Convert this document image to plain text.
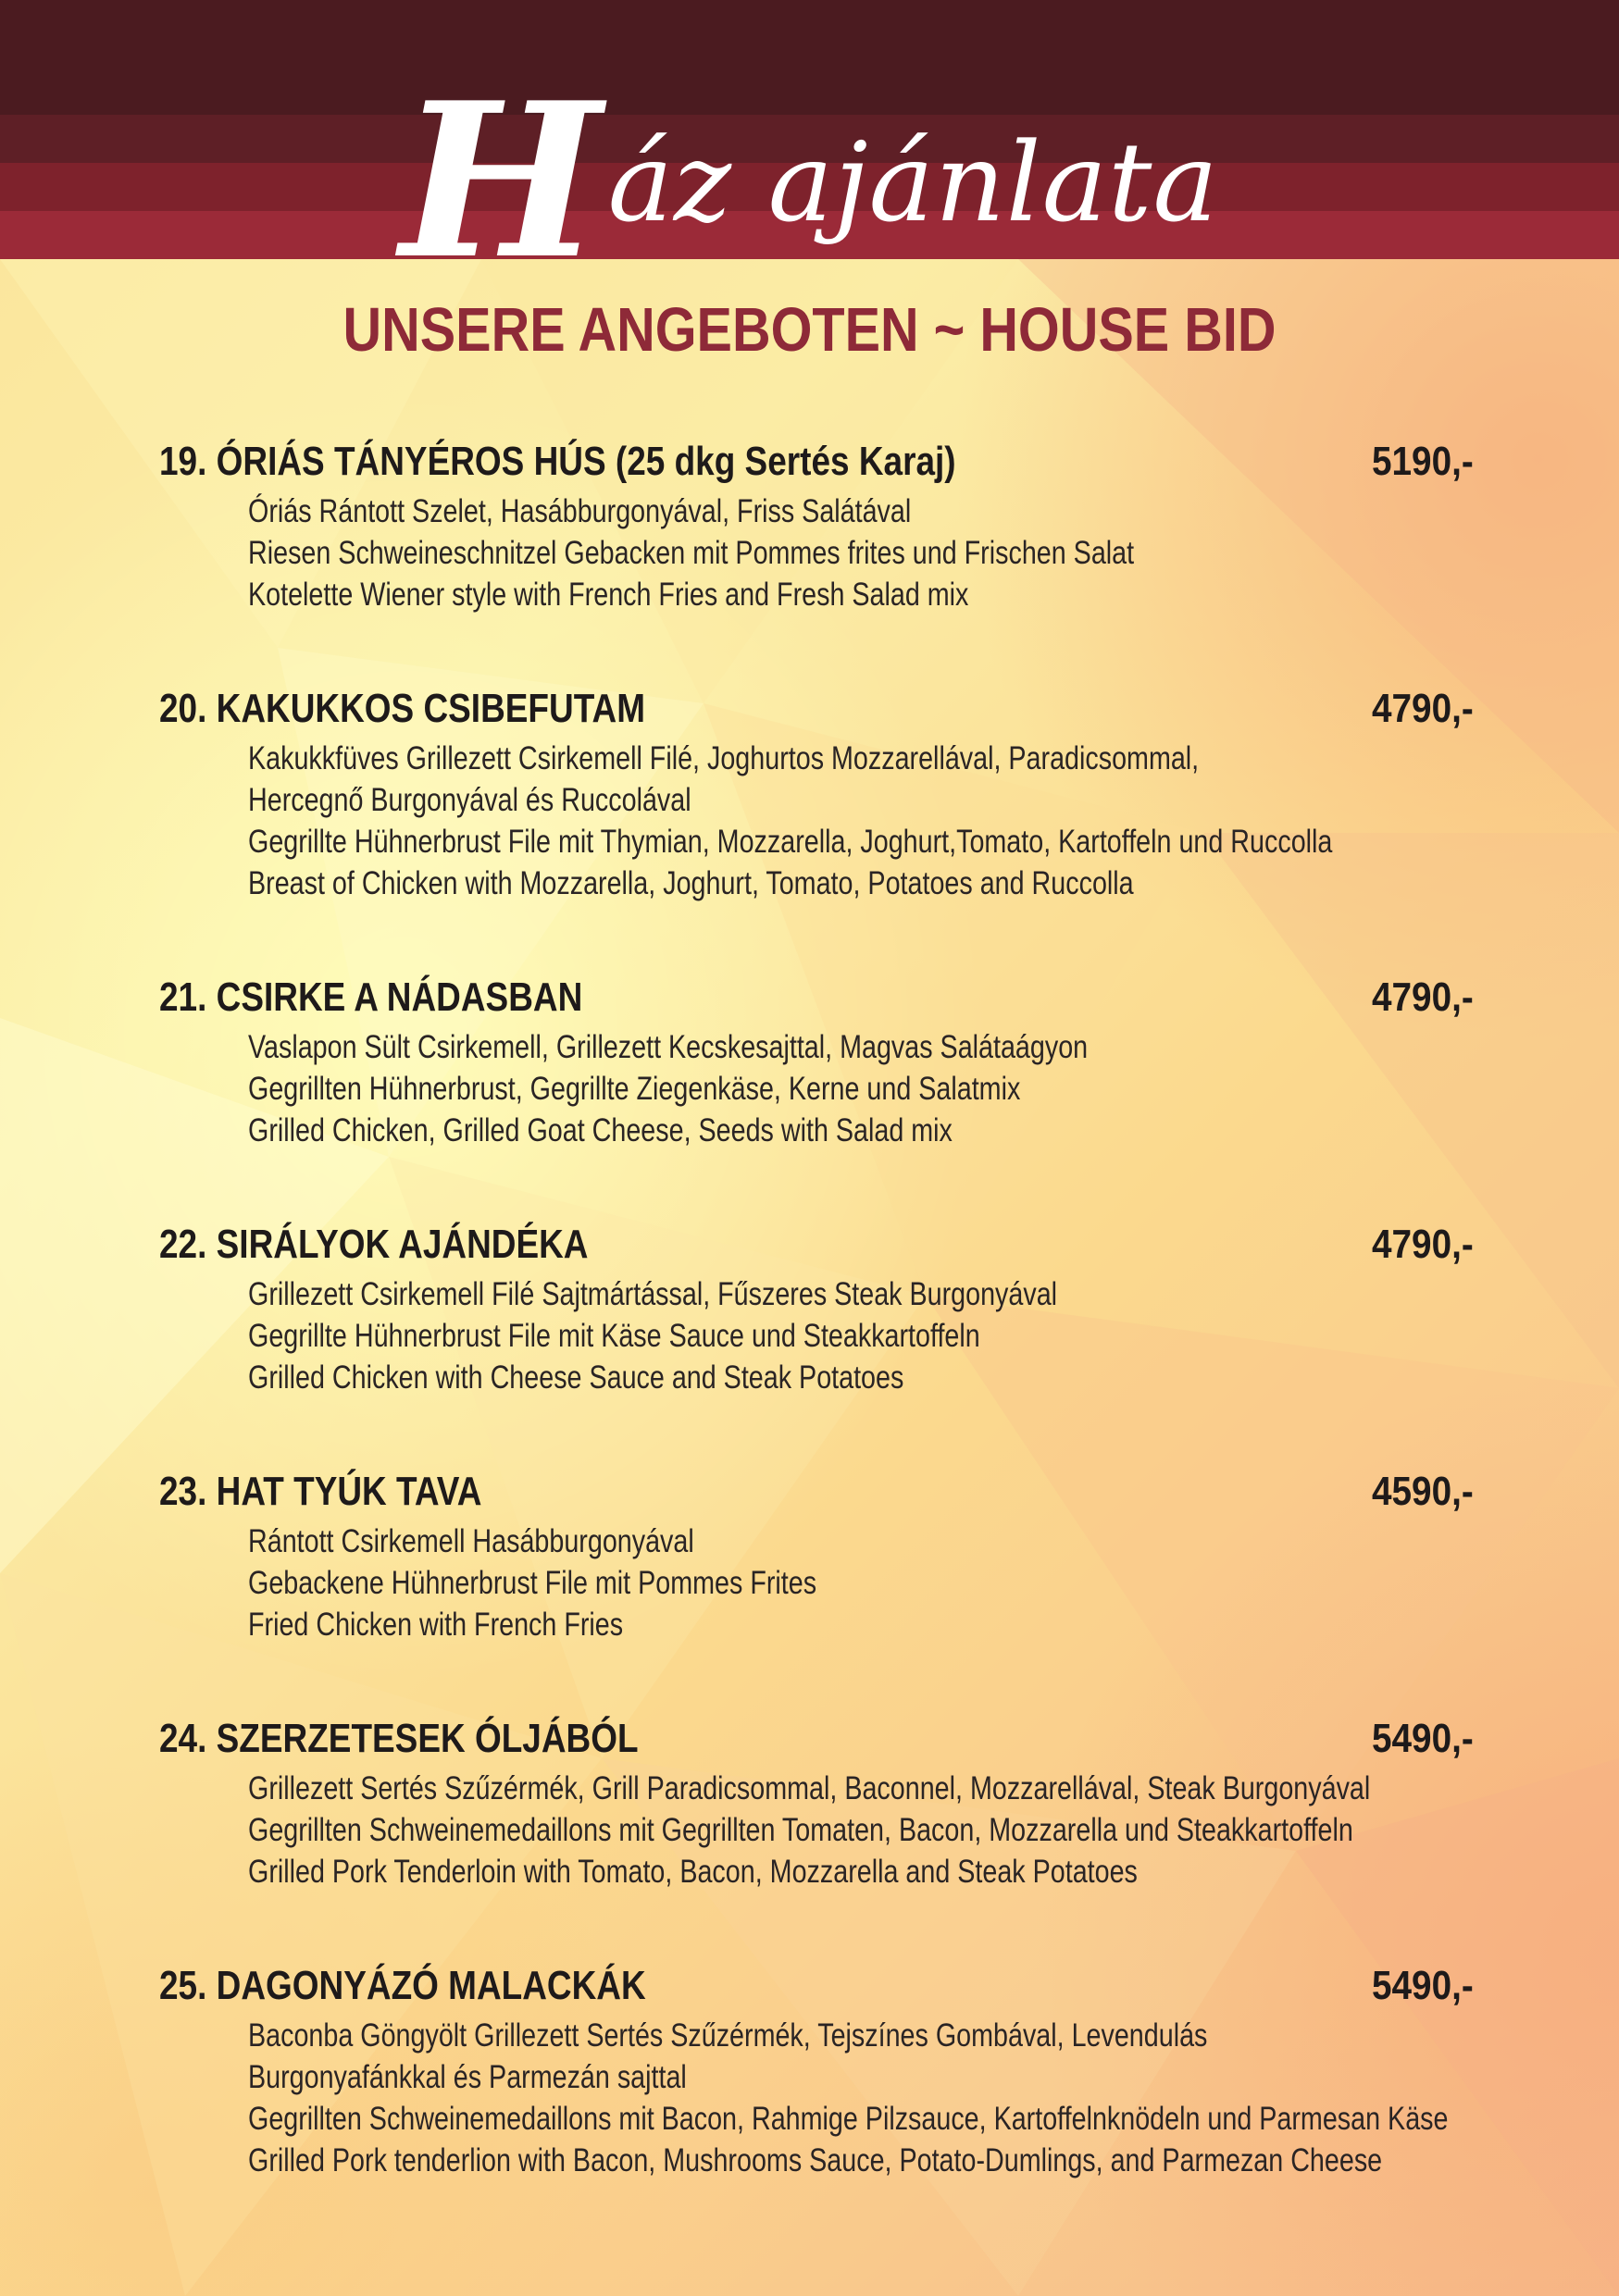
Ház ajánlata
UNSERE ANGEBOTEN ~ HOUSE BID
19. ÓRIÁS TÁNYÉROS HÚS (25 dkg Sertés Karaj)	5190,-
Óriás Rántott Szelet, Hasábburgonyával, Friss Salátával
Riesen Schweineschnitzel Gebacken mit Pommes frites und Frischen Salat
Kotelette Wiener style with French Fries and Fresh Salad mix
20. KAKUKKOS CSIBEFUTAM	4790,-
Kakukkfüves Grillezett Csirkemell Filé, Joghurtos Mozzarellával, Paradicsommal,
Hercegnő Burgonyával és Ruccolával
Gegrillte Hühnerbrust File mit Thymian, Mozzarella, Joghurt,Tomato, Kartoffeln und Ruccolla
Breast of Chicken with Mozzarella, Joghurt, Tomato, Potatoes and Ruccolla
21. CSIRKE A NÁDASBAN	4790,-
Vaslapon Sült Csirkemell, Grillezett Kecskesajttal, Magvas Salátaágyon
Gegrillten Hühnerbrust, Gegrillte Ziegenkäse, Kerne und Salatmix
Grilled Chicken, Grilled Goat Cheese, Seeds with Salad mix
22. SIRÁLYOK AJÁNDÉKA	4790,-
Grillezett Csirkemell Filé Sajtmártással, Fűszeres Steak Burgonyával
Gegrillte Hühnerbrust File mit Käse Sauce und Steakkartoffeln
Grilled Chicken with Cheese Sauce and Steak Potatoes
23. HAT TYÚK TAVA	4590,-
Rántott Csirkemell Hasábburgonyával
Gebackene Hühnerbrust File mit Pommes Frites
Fried Chicken with French Fries
24. SZERZETESEK ÓLJÁBÓL	5490,-
Grillezett Sertés Szűzérmék, Grill Paradicsommal, Baconnel, Mozzarellával, Steak Burgonyával
Gegrillten Schweinemedaillons mit Gegrillten Tomaten, Bacon, Mozzarella und Steakkartoffeln
Grilled Pork Tenderloin with Tomato, Bacon, Mozzarella and Steak Potatoes
25. DAGONYÁZÓ MALACKÁK	5490,-
Baconba Göngyölt Grillezett Sertés Szűzérmék, Tejszínes Gombával, Levendulás
Burgonyafánkkal és Parmezán sajttal
Gegrillten Schweinemedaillons mit Bacon, Rahmige Pilzsauce, Kartoffelnknödeln und Parmesan Käse
Grilled Pork tenderlion with Bacon, Mushrooms Sauce, Potato-Dumlings, and Parmezan Cheese
